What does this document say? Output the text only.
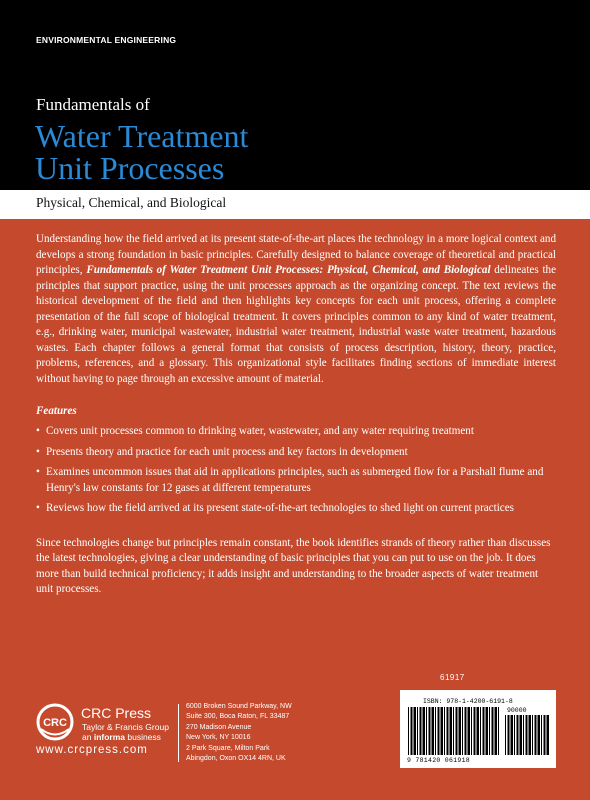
ENVIRONMENTAL ENGINEERING
Fundamentals of
Water Treatment
Unit Processes
Physical, Chemical, and Biological

Understanding how the field arrived at its present state-of-the-art places the technology in a more logical context and develops a strong foundation in basic principles. Carefully designed to balance coverage of theoretical and practical principles, Fundamentals of Water Treatment Unit Processes: Physical, Chemical, and Biological delineates the principles that support practice, using the unit processes approach as the organizing concept. The text reviews the historical development of the field and then highlights key concepts for each unit process, offering a complete presentation of the full scope of biological treatment. It covers principles common to any kind of water treatment, e.g., drinking water, municipal wastewater, industrial water treatment, industrial waste water treatment, hazardous wastes. Each chapter follows a general format that consists of process description, history, theory, practice, problems, references, and a glossary. This organizational style facilitates finding sections of immediate interest without having to page through an excessive amount of material.

Features

• Covers unit processes common to drinking water, wastewater, and any water requiring treatment
• Presents theory and practice for each unit process and key factors in development
• Examines uncommon issues that aid in applications principles, such as submerged flow for a Parshall flume and Henry's law constants for 12 gases at different temperatures
• Reviews how the field arrived at its present state-of-the-art technologies to shed light on current practices

Since technologies change but principles remain constant, the book identifies strands of theory rather than discusses the latest technologies, giving a clear understanding of basic principles that you can put to use on the job. It does more than build technical proficiency; it adds insight and understanding to the broader aspects of water treatment unit processes.

61917
CRC
CRC Press
Taylor & Francis Group
an informa business
www.crcpress.com
6000 Broken Sound Parkway, NW
Suite 300, Boca Raton, FL 33487
270 Madison Avenue
New York, NY 10016
2 Park Square, Milton Park
Abingdon, Oxon OX14 4RN, UK
ISBN: 978-1-4200-6191-8
90000
9 781420 061918
